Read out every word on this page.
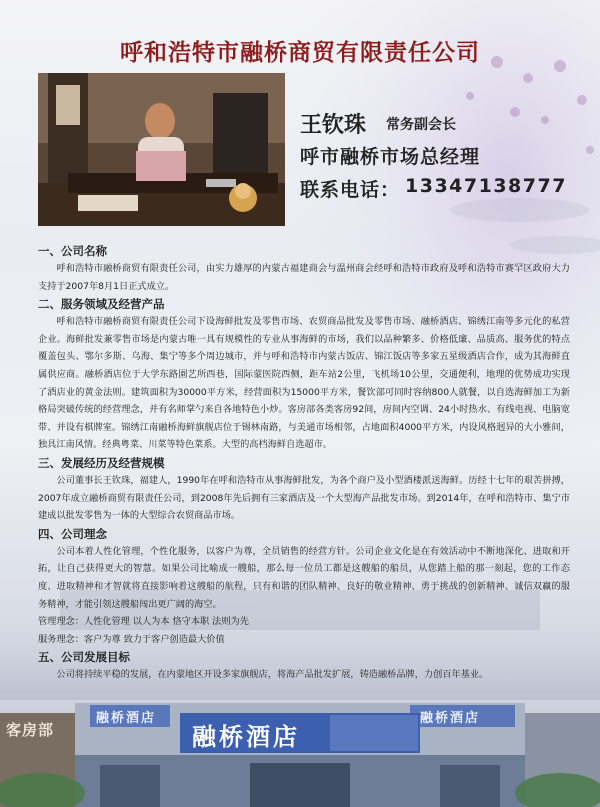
呼和浩特市融桥商贸有限责任公司
王钦珠 常务副会长
呼市融桥市场总经理
联系电话： 13347138777
一、公司名称

呼和浩特市融桥商贸有限责任公司，由实力雄厚的内蒙古福建商会与温州商会经呼和浩特市政府及呼和浩特市赛罕区政府大力支持于2007年8月1日正式成立。

二、服务领域及经营产品

呼和浩特市融桥商贸有限责任公司下设海鲜批发及零售市场、农贸商品批发及零售市场、融桥酒店、锦绣江南等多元化的私营企业。海鲜批发兼零售市场是内蒙古唯一具有规模性的专业从事海鲜的市场，我们以品种繁多、价格低廉、品质高、服务优的特点覆盖包头、鄂尔多斯、乌海、集宁等多个周边城市，并与呼和浩特市内蒙古饭店、锦江饭店等多家五星级酒店合作，成为其海鲜直属供应商。融桥酒店位于大学东路園艺所西巷，国际蒙医院西侧，距车站2公里，飞机场10公里，交通便利，地理的优势成功实现了酒店业的黄金法则。建筑面积为30000平方米，经营面积为15000平方米，餐饮部可同时容纳800人就餐，以自选海鲜加工为新格局突破传统的经营理念，并有名师掌勺来自各地特色小炒。客房部各类客房92间，房间内空调、24小时热水、有线电视、电脑宽带、并设有棋牌室。锦绣江南融桥海鲜旗舰店位于锡林南路，与美通市场相邻，占地面积4000平方米，内设风格迥异的大小雅间，独具江南风情。经典粤菜、川菜等特色菜系。大型的高档海鲜自选超市。

三、发展经历及经营规模

公司董事长王钦珠，福建人，1990年在呼和浩特市从事海鲜批发，为各个商户及小型酒楼派送海鲜。历经十七年的艰苦拼搏，2007年成立融桥商贸有限责任公司，到2008年先后拥有三家酒店及一个大型海产品批发市场。到2014年，在呼和浩特市、集宁市建成以批发零售为一体的大型综合农贸商品市场。

四、公司理念

公司本着人性化管理，个性化服务，以客户为尊，全员销售的经营方针。公司企业文化是在有效活动中不断地深化、进取和开拓，让自己获得更大的智慧。如果公司比喻成一艘船，那么每一位员工都是这艘船的船员，从您踏上船的那一刻起，您的工作态度、进取精神和才智就将直接影响着这艘船的航程，只有和谐的团队精神、良好的敬业精神、勇于挑战的创新精神、诚信双赢的服务精神，才能引领这艘船闯出更广阔的海空。

管理理念：人性化管理 以人为本 恪守本职 法则为先

服务理念：客户为尊 致力于客户创造最大价值

五、公司发展目标

公司将持续平稳的发展，在内蒙地区开设多家旗舰店，将海产品批发扩展，铸造融桥品牌，力创百年基业。

融桥酒店
融桥酒店
融桥酒店
客房部
